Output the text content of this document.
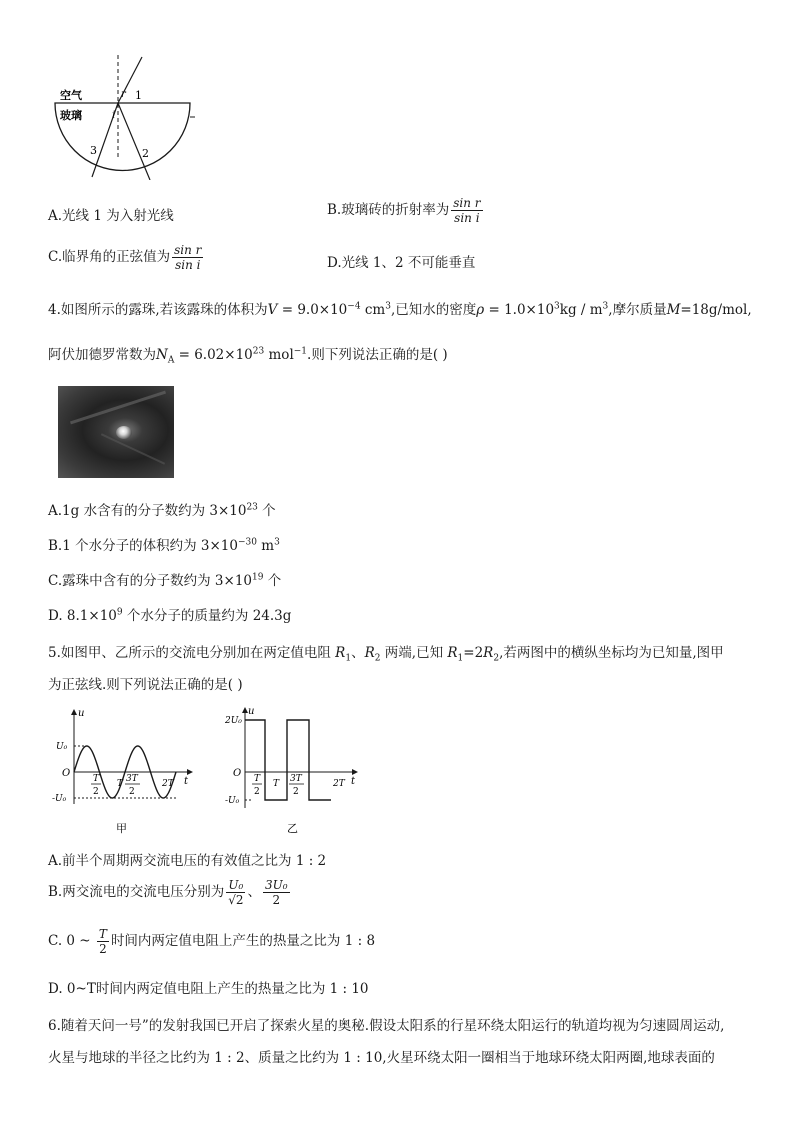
空气
玻璃
1
2
3
r
i
A.光线 1 为入射光线	B.玻璃砖的折射率为 $\frac{\text{sin r}}{\text{sin i}}$
C.临界角的正弦值为 $\frac{\text{sin r}}{\text{sin i}}$	D.光线 1、2 不可能垂直
4.如图所示的露珠,若该露珠的体积为$V = 9.0\times 10^{-4}$ $cm^3$,已知水的密度$\rho = 1.0\times 10^3kg / m^3$,摩尔质量M=18g/mol,
阿伏加德罗常数为$N_A = 6.02\times 10^{23}$ mol$^{-1}$.则下列说法正确的是( )
A.1g 水含有的分子数约为 $3\times 10^{23}$ 个
B.1 个水分子的体积约为 $3\times 10^{-30}$ $m^3$
C.露珠中含有的分子数约为 $3\times 10^{19}$ 个
D. $8.1\times 10^9$ 个水分子的质量约为 24.3g
5.如图甲、乙所示的交流电分别加在两定值电阻 $R_1$、$R_2$ 两端,已知 $R_1=2R_2$,若两图中的横纵坐标均为已知量,图甲
为正弦线.则下列说法正确的是( )
u
U₀
O
-U₀
T
2
T 3T
2
2T t
甲
u
2U₀
O
-U₀
T
2
T 3T
2
2T t
乙
A.前半个周期两交流电压的有效值之比为 1 : 2
B.两交流电的交流电压分别为 $\frac{\text{U₀}}{√2}$ 、 $\frac{\text{3U₀}}{2}$
C. 0 ~ $\frac{T}{2}$ 时间内两定值电阻上产生的热量之比为 1 : 8
D. 0~T时间内两定值电阻上产生的热量之比为 1 : 10
6.随着天问一号”的发射我国已开启了探索火星的奥秘.假设太阳系的行星环绕太阳运行的轨道均视为匀速圆周运动,
火星与地球的半径之比约为 1 : 2、质量之比约为 1 : 10,火星环绕太阳一圈相当于地球环绕太阳两圈,地球表面的
